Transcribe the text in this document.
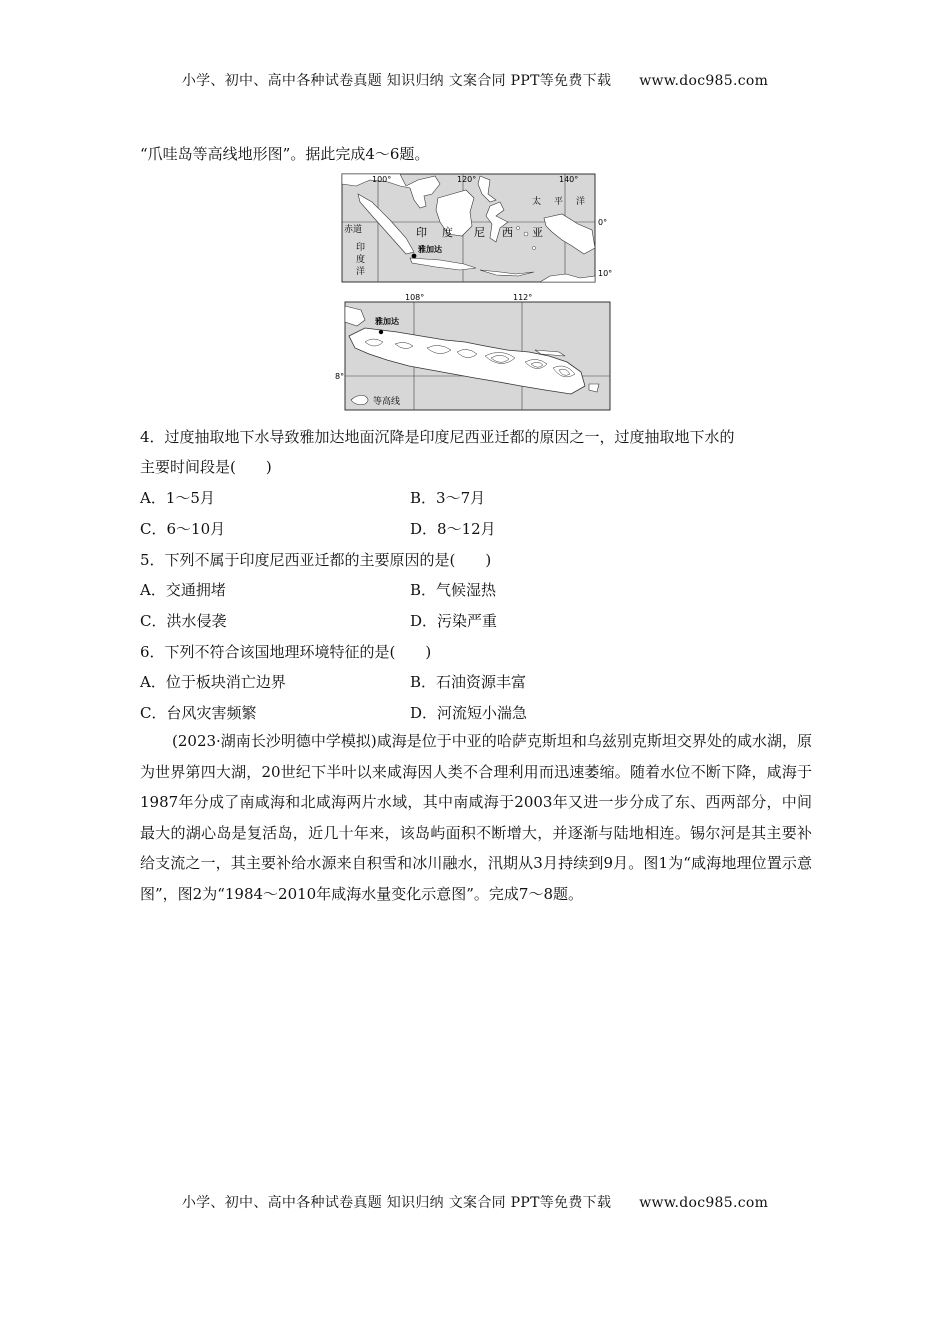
小学、初中、高中各种试卷真题 知识归纳 文案合同 PPT等免费下载 www.doc985.com
“爪哇岛等高线地形图”。据此完成4～6题。
100°	120°	140°
0°
10°
赤道	印 度 尼 西 亚
印
度
洋
太 平 洋
雅加达
108°	112°
8°
雅加达
等高线
4．过度抽取地下水导致雅加达地面沉降是印度尼西亚迁都的原因之一，过度抽取地下水的
主要时间段是(　　)
A．1～5月	B．3～7月
C．6～10月	D．8～12月
5．下列不属于印度尼西亚迁都的主要原因的是(　　)
A．交通拥堵	B．气候湿热
C．洪水侵袭	D．污染严重
6．下列不符合该国地理环境特征的是(　　)
A．位于板块消亡边界	B．石油资源丰富
C．台风灾害频繁	D．河流短小湍急
(2023·湖南长沙明德中学模拟)咸海是位于中亚的哈萨克斯坦和乌兹别克斯坦交界处的咸水湖，原为世界第四大湖，20世纪下半叶以来咸海因人类不合理利用而迅速萎缩。随着水位不断下降，咸海于1987年分成了南咸海和北咸海两片水域，其中南咸海于2003年又进一步分成了东、西两部分，中间最大的湖心岛是复活岛，近几十年来，该岛屿面积不断增大，并逐渐与陆地相连。锡尔河是其主要补给支流之一，其主要补给水源来自积雪和冰川融水，汛期从3月持续到9月。图1为“咸海地理位置示意图”，图2为“1984～2010年咸海水量变化示意图”。完成7～8题。
小学、初中、高中各种试卷真题 知识归纳 文案合同 PPT等免费下载 www.doc985.com
